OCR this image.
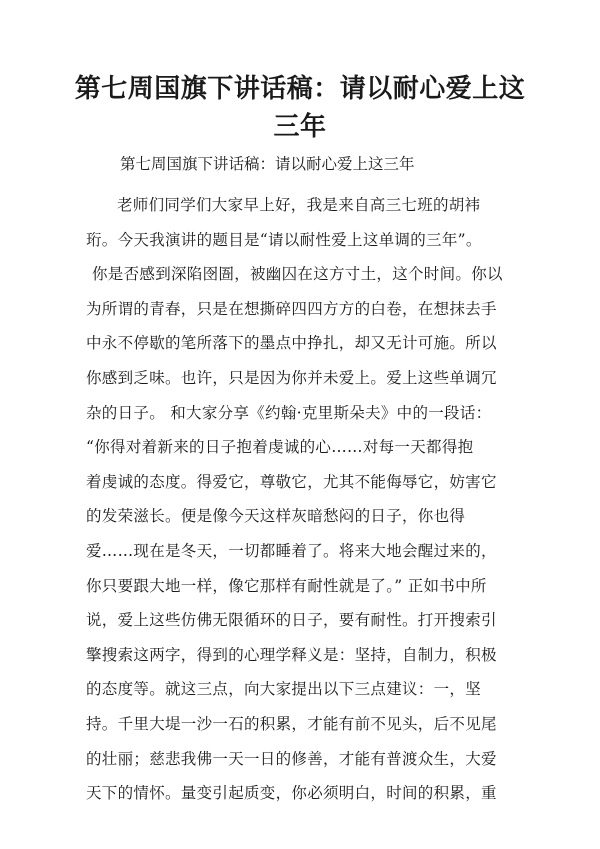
第七周国旗下讲话稿：请以耐心爱上这
三年

第七周国旗下讲话稿：请以耐心爱上这三年

老师们同学们大家早上好，我是来自高三七班的胡袆
珩。今天我演讲的题目是“请以耐性爱上这单调的三年”。
你是否感到深陷囹圄，被幽囚在这方寸土，这个时间。你以
为所谓的青春，只是在想撕碎四四方方的白卷，在想抹去手
中永不停歇的笔所落下的墨点中挣扎，却又无计可施。所以
你感到乏味。也许，只是因为你并未爱上。爱上这些单调冗
杂的日子。 和大家分享《约翰·克里斯朵夫》中的一段话：
“你得对着新来的日子抱着虔诚的心……对每一天都得抱
着虔诚的态度。得爱它，尊敬它，尤其不能侮辱它，妨害它
的发荣滋长。便是像今天这样灰暗愁闷的日子，你也得
爱……现在是冬天，一切都睡着了。将来大地会醒过来的，
你只要跟大地一样，像它那样有耐性就是了。” 正如书中所
说，爱上这些仿佛无限循环的日子，要有耐性。打开搜索引
擎搜索这两字，得到的心理学释义是：坚持，自制力，积极
的态度等。就这三点，向大家提出以下三点建议：一，坚
持。千里大堤一沙一石的积累，才能有前不见头，后不见尾
的壮丽；慈悲我佛一天一日的修善，才能有普渡众生，大爱
天下的情怀。量变引起质变，你必须明白，时间的积累，重
